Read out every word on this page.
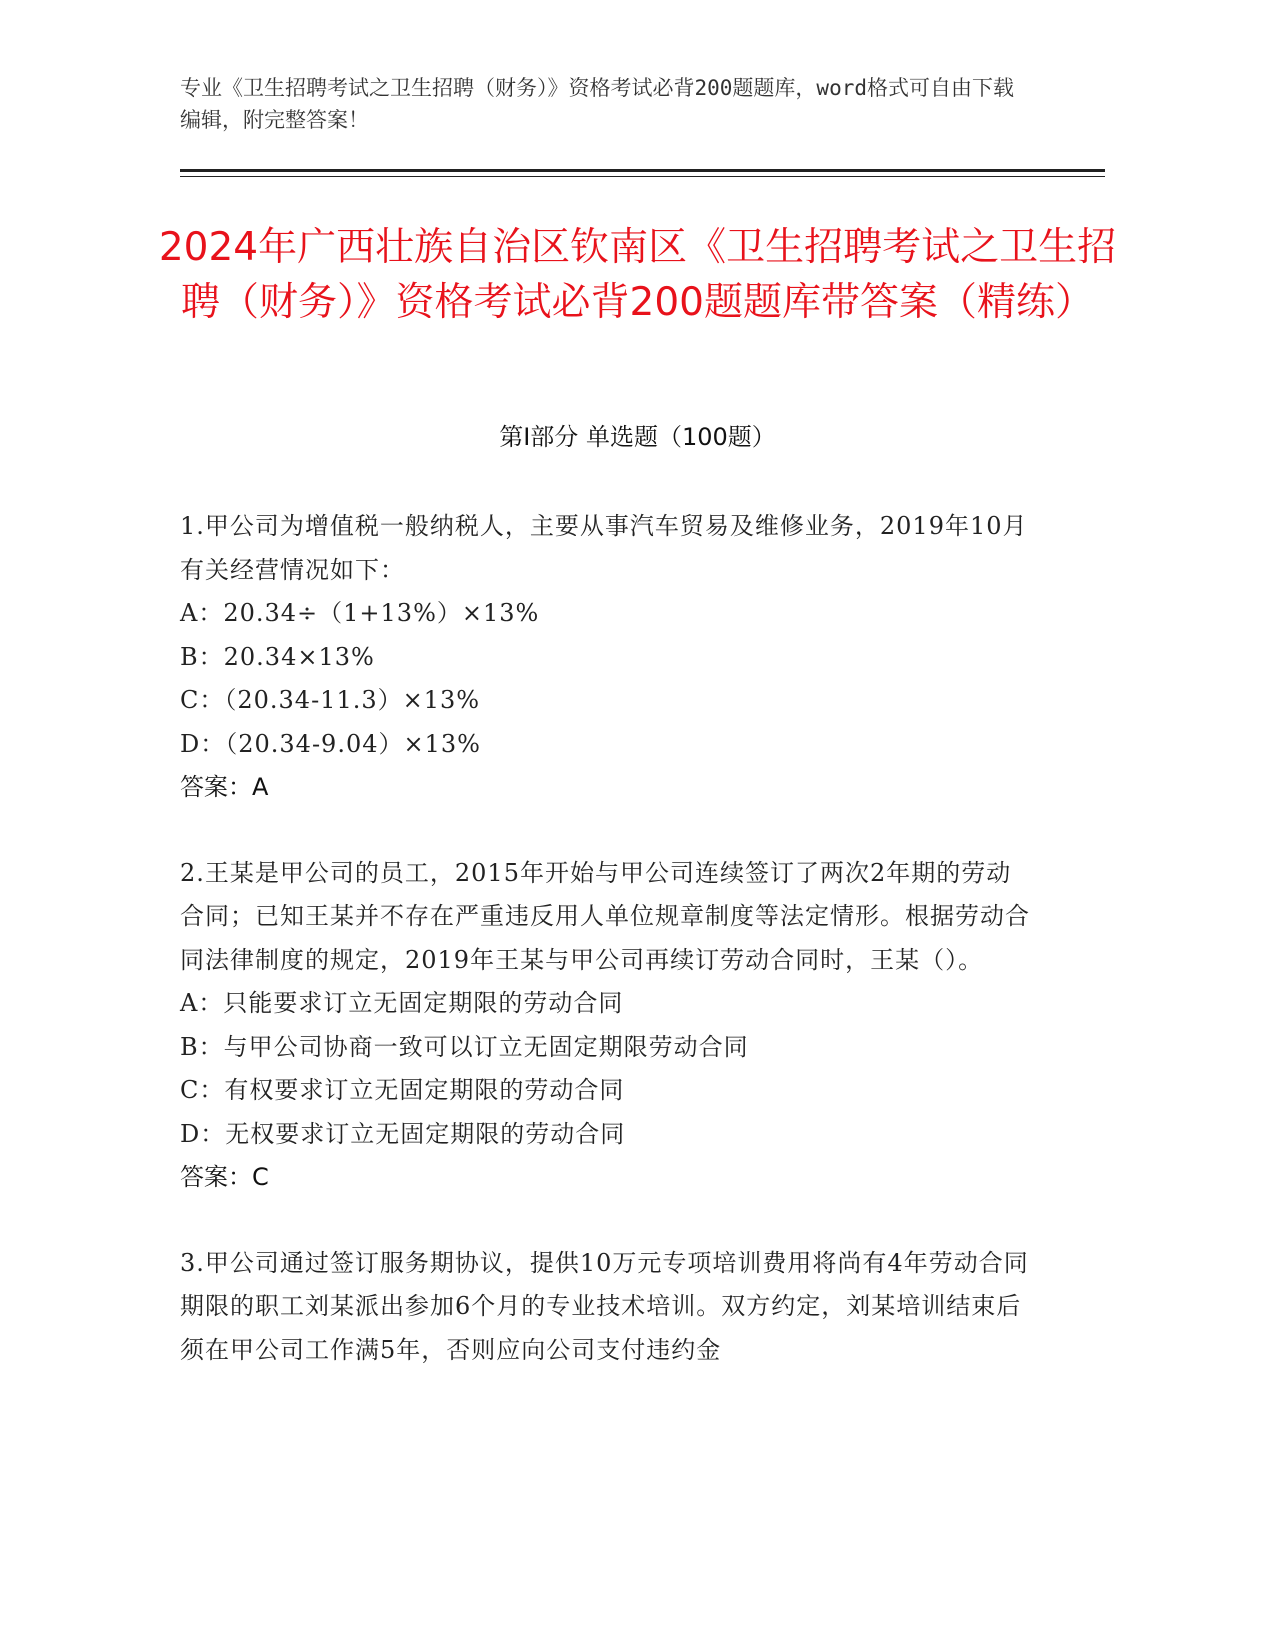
专业《卫生招聘考试之卫生招聘（财务）》资格考试必背200题题库，word格式可自由下载编辑，附完整答案！
2024年广西壮族自治区钦南区《卫生招聘考试之卫生招聘（财务）》资格考试必背200题题库带答案（精练）
第Ⅰ部分 单选题（100题）
1.甲公司为增值税一般纳税人，主要从事汽车贸易及维修业务，2019年10月有关经营情况如下：
A：20.34÷（1+13%）×13%
B：20.34×13%
C：（20.34-11.3）×13%
D：（20.34-9.04）×13%
答案：A
2.王某是甲公司的员工，2015年开始与甲公司连续签订了两次2年期的劳动合同；已知王某并不存在严重违反用人单位规章制度等法定情形。根据劳动合同法律制度的规定，2019年王某与甲公司再续订劳动合同时，王某（）。
A：只能要求订立无固定期限的劳动合同
B：与甲公司协商一致可以订立无固定期限劳动合同
C：有权要求订立无固定期限的劳动合同
D：无权要求订立无固定期限的劳动合同
答案：C
3.甲公司通过签订服务期协议，提供10万元专项培训费用将尚有4年劳动合同期限的职工刘某派出参加6个月的专业技术培训。双方约定，刘某培训结束后须在甲公司工作满5年，否则应向公司支付违约金
